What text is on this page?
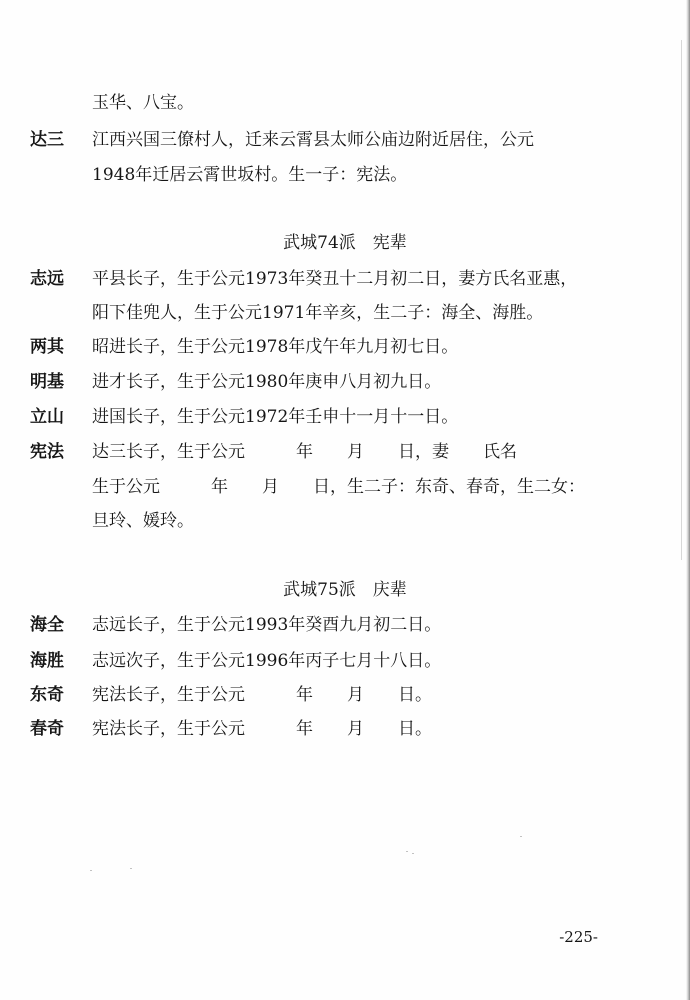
玉华、八宝。
达三 江西兴国三僚村人，迁来云霄县太师公庙边附近居住，公元
1948年迁居云霄世坂村。生一子：宪法。
武城74派　宪辈
志远 平县长子，生于公元1973年癸丑十二月初二日，妻方氏名亚惠，
阳下佳兜人，生于公元1971年辛亥，生二子：海全、海胜。
两其 昭进长子，生于公元1978年戊午年九月初七日。
明基 进才长子，生于公元1980年庚申八月初九日。
立山 进国长子，生于公元1972年壬申十一月十一日。
宪法 达三长子，生于公元　　　年　　月　　日，妻　　氏名
生于公元　　　年　　月　　日，生二子：东奇、春奇，生二女：
旦玲、媛玲。
武城75派　庆辈
海全 志远长子，生于公元1993年癸酉九月初二日。
海胜 志远次子，生于公元1996年丙子七月十八日。
东奇 宪法长子，生于公元　　　年　　月　　日。
春奇 宪法长子，生于公元　　　年　　月　　日。
-225-
